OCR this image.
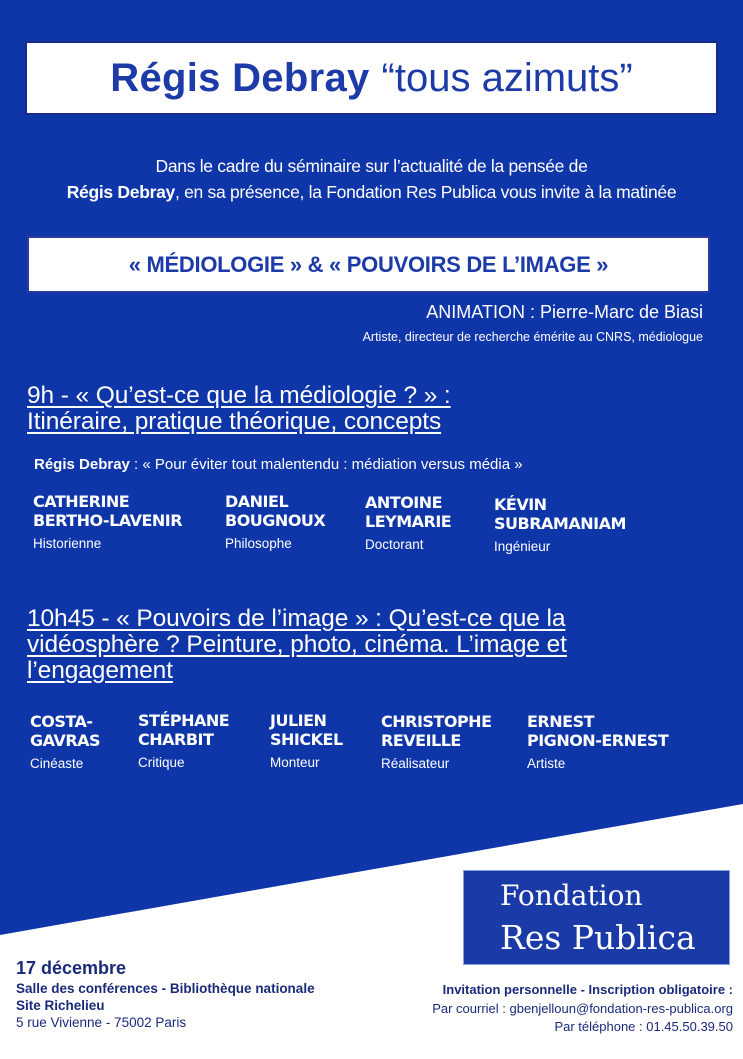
Régis Debray “tous azimuts”
Dans le cadre du séminaire sur l’actualité de la pensée de
Régis Debray, en sa présence, la Fondation Res Publica vous invite à la matinée
« MÉDIOLOGIE » & « POUVOIRS DE L’IMAGE »
ANIMATION : Pierre-Marc de Biasi
Artiste, directeur de recherche émérite au CNRS, médiologue
9h - « Qu’est-ce que la médiologie ? » :
Itinéraire, pratique théorique, concepts
Régis Debray : « Pour éviter tout malentendu : médiation versus média »
CATHERINE
BERTHO-LAVENIR
Historienne
DANIEL
BOUGNOUX
Philosophe
ANTOINE
LEYMARIE
Doctorant
KÉVIN
SUBRAMANIAM
Ingénieur
10h45 - « Pouvoirs de l’image » : Qu’est-ce que la
vidéosphère ? Peinture, photo, cinéma. L’image et
l’engagement
COSTA-
GAVRAS
Cinéaste
STÉPHANE
CHARBIT
Critique
JULIEN
SHICKEL
Monteur
CHRISTOPHE
REVEILLE
Réalisateur
ERNEST
PIGNON-ERNEST
Artiste
Fondation
Res Publica
17 décembre
Salle des conférences - Bibliothèque nationale
Site Richelieu
5 rue Vivienne - 75002 Paris
Invitation personnelle - Inscription obligatoire :
Par courriel : gbenjelloun@fondation-res-publica.org
Par téléphone : 01.45.50.39.50
